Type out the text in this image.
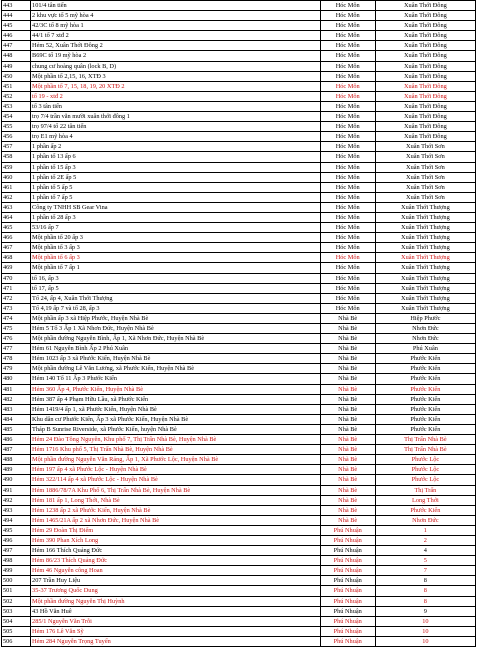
443	101/4 tân tiến	Hóc Môn	Xuân Thới Đông
444	2 khu vực tổ 5 mỹ hòa 4	Hóc Môn	Xuân Thới Đông
445	42/3C tổ 8 mỹ hòa 1	Hóc Môn	Xuân Thới Đông
446	44/1 tổ 7 xtđ 2	Hóc Môn	Xuân Thới Đông
447	Hẻm 52, Xuân Thới Đông 2	Hóc Môn	Xuân Thới Đông
448	B69C tổ 19 mỹ hòa 2	Hóc Môn	Xuân Thới Đông
449	chung cư hoàng quân (lock B, D)	Hóc Môn	Xuân Thới Đông
450	Một phần tổ 2,15, 16, XTĐ 3	Hóc Môn	Xuân Thới Đông
451	Một phần tổ 7, 15, 18, 19, 20 XTĐ 2	Hóc Môn	Xuân Thới Đông
452	tổ 19 - xtđ 2	Hóc Môn	Xuân Thới Đông
453	tổ 3 tân tiến	Hóc Môn	Xuân Thới Đông
454	trọ 7/4 trần văn mười xuân thới đông 1	Hóc Môn	Xuân Thới Đông
455	trọ 97/4 tổ 22 tân tiến	Hóc Môn	Xuân Thới Đông
456	trọ E1 mỹ hòa 4	Hóc Môn	Xuân Thới Đông
457	1 phần ấp 2	Hóc Môn	Xuân Thới Sơn
458	1 phần tổ 13 ấp 6	Hóc Môn	Xuân Thới Sơn
459	1 phần tổ 15 ấp 3	Hóc Môn	Xuân Thới Sơn
460	1 phần tổ 2E ấp 5	Hóc Môn	Xuân Thới Sơn
461	1 phần tổ 5 ấp 5	Hóc Môn	Xuân Thới Sơn
462	1 phần tổ 7 ấp 5	Hóc Môn	Xuân Thới Sơn
463	Công ty TNHH SB Gear Vina	Hóc Môn	Xuân Thới Thượng
464	1 phần tổ 28 ấp 3	Hóc Môn	Xuân Thới Thượng
465	53/16 ấp 7	Hóc Môn	Xuân Thới Thượng
466	Một phần tổ 20 ấp 3	Hóc Môn	Xuân Thới Thượng
467	Một phần tổ 3 ấp 3	Hóc Môn	Xuân Thới Thượng
468	Một phần tổ 6 ấp 3	Hóc Môn	Xuân Thới Thượng
469	Một phần tổ 7 ấp 1	Hóc Môn	Xuân Thới Thượng
470	tổ 16, ấp 3	Hóc Môn	Xuân Thới Thượng
471	tổ 17, ấp 5	Hóc Môn	Xuân Thới Thượng
472	Tổ 24, ấp 4, Xuân Thới Thượng	Hóc Môn	Xuân Thới Thượng
473	Tổ 4,19 ấp 7 và tổ 28, ấp 3	Hóc Môn	Xuân Thới Thượng
474	Một phần ấp 3 xã Hiệp Phước, Huyện Nhà Bè	Nhà Bè	Hiệp Phước
475	Hẻm 5 Tổ 3 Ấp 1 Xã Nhơn Đức, Huyện Nhà Bè	Nhà Bè	Nhơn Đức
476	Một phần đường Nguyễn Bình, Ấp 1, Xã Nhơn Đức, Huyện Nhà Bè	Nhà Bè	Nhơn Đức
477	Hẻm 61 Nguyễn Bình Ấp 2 Phú Xuân	Nhà Bè	Phú Xuân
478	Hẻm 1023 ấp 3 xã Phước Kiển, Huyện Nhà Bè	Nhà Bè	Phước Kiển
479	Một phần đường Lê Văn Lương, xã Phước Kiển, Huyện Nhà Bè	Nhà Bè	Phước Kiển
480	Hẻm 140 Tổ 11 Ấp 3 Phước Kiển	Nhà Bè	Phước Kiển
481	Hẻm 360 Ấp 4, Phước Kiển, Huyện Nhà Bè	Nhà Bè	Phước Kiển
482	Hẻm 387 ấp 4 Phạm Hữu Lầu, xã Phước Kiển	Nhà Bè	Phước Kiển
483	Hẻm 1419/4 ấp 1, xã Phước Kiển, Huyện Nhà Bè	Nhà Bè	Phước Kiển
484	Khu dân cư Phước Kiển, Ấp 3 xã Phước Kiển, Huyện Nhà Bè	Nhà Bè	Phước Kiển
485	Tháp B Sunrise Riverside, xã Phước Kiển, huyện Nhà Bè	Nhà Bè	Phước Kiển
486	Hẻm 24 Đào Tông Nguyên, Khu phố 7, Thị Trấn Nhà Bè, Huyện Nhà Bè	Nhà Bè	Thị Trấn Nhà Bè
487	Hẻm 1716 Khu phố 5, Thị Trấn Nhà Bè, Huyện Nhà Bè	Nhà Bè	Thị Trấn Nhà Bè
488	Một phần đường Nguyễn Văn Rảng, Ấp 1, Xã Phước Lộc, Huyện Nhà Bè	Nhà Bè	Phước Lộc
489	Hẻm 197 ấp 4 xã Phước Lộc - Huyện Nhà Bè	Nhà Bè	Phước Lộc
490	Hẻm 322/114 ấp 4 xã Phước Lộc - Huyện Nhà Bè	Nhà Bè	Phước Lộc
491	Hẻm 1886/78/7A Khu Phố 6, Thị Trấn Nhà Bè, Huyện Nhà Bè	Nhà Bè	Thị Trấn
492	Hẻm 181 ấp 1, Long Thới, Nhà Bè	Nhà Bè	Long Thới
493	Hẻm 1238 ấp 2 xã Phước Kiển, Huyện Nhà Bè	Nhà Bè	Phước Kiển
494	Hẻm 1465/21A ấp 2 xã Nhơn Đức, Huyện Nhà Bè	Nhà Bè	Nhơn Đức
495	Hẻm 29 Đoàn Thị Điểm	Phú Nhuận	1
496	Hẻm 390 Phan Xích Long	Phú Nhuận	2
497	Hẻm 166 Thích Quảng Đức	Phú Nhuận	4
498	Hẻm 86/23 Thích Quảng Đức	Phú Nhuận	5
499	Hẻm 46 Nguyễn công Hoan	Phú Nhuận	7
500	207 Trần Huy Liệu	Phú Nhuận	8
501	35-37 Trương Quốc Dung	Phú Nhuận	8
502	Một phần đường Nguyễn Thị Huỳnh	Phú Nhuận	8
503	43 Hồ Văn Huê	Phú Nhuận	9
504	285/1 Nguyễn Văn Trỗi	Phú Nhuận	10
505	Hẻm 176 Lê Văn Sỹ	Phú Nhuận	10
506	Hẻm 284 Nguyễn Trọng Tuyển	Phú Nhuận	10
